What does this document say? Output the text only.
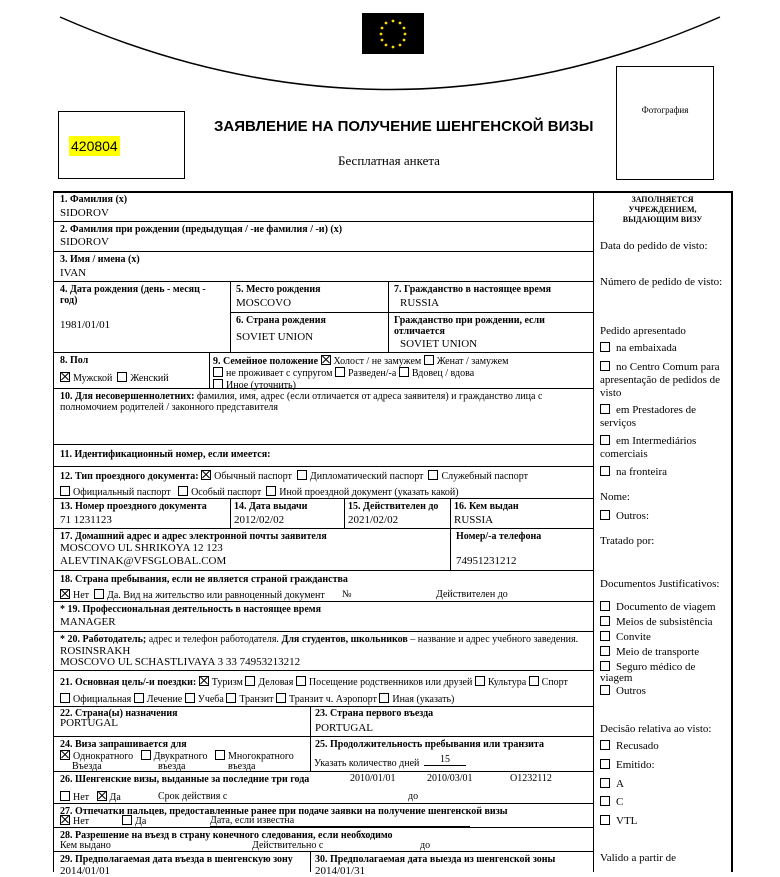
Фотография
420804
ЗАЯВЛЕНИЕ НА ПОЛУЧЕНИЕ ШЕНГЕНСКОЙ ВИЗЫ
Бесплатная анкета
1. Фамилия (x)
SIDOROV
2. Фамилия при рождении (предыдущая / -ие фамилия / -и) (x)
SIDOROV
3. Имя / имена (x)
IVAN
4. Дата рождения (день - месяц - год)
1981/01/01
5. Место рождения
MOSCOVO
6. Страна рождения
SOVIET UNION
7. Гражданство в настоящее время
RUSSIA
Гражданство при рождении, если отличается
SOVIET UNION
8. Пол
Мужской Женский
9. Семейное положение Холост / не замужем Женат / замужем
не проживает с супругом Разведен/-а Вдовец / вдова
Иное (уточнить)
10. Для несовершеннолетних: фамилия, имя, адрес (если отличается от адреса заявителя) и гражданство лица с полномочием родителей / законного представителя
11. Идентификационный номер, если имеется:
12. Тип проездного документа: Обычный паспорт Дипломатический паспорт Служебный паспорт
Официальный паспорт Особый паспорт Иной проездной документ (указать какой)
13. Номер проездного документа
71 1231123
14. Дата выдачи
2012/02/02
15. Действителен до
2021/02/02
16. Кем выдан
RUSSIA
17. Домашний адрес и адрес электронной почты заявителя
MOSCOVO UL SHRIKOYA 12 123
ALEVTINAK@VFSGLOBAL.COM
Номер/-а телефона
74951231212
18. Страна пребывания, если не является страной гражданства
Нет Да. Вид на жительство или равноценный документ	№	Действителен до
* 19. Профессиональная деятельность в настоящее время
MANAGER
* 20. Работодатель; адрес и телефон работодателя. Для студентов, школьников – название и адрес учебного заведения.
ROSINSRAKH
MOSCOVO UL SCHASTLIVAYA 3 33 74953213212
21. Основная цель/-и поездки: Туризм Деловая Посещение родственников или друзей Культура Спорт
Официальная Лечение Учеба Транзит Транзит ч. Аэропорт Иная (указать)
22. Страна(ы) назначения
PORTUGAL
23. Страна первого въезда
PORTUGAL
24. Виза запрашивается для
Однократного Двукратного Многократного
Въезда	въезда	въезда
25. Продолжительность пребывания или транзита
Указать количество дней	15
26. Шенгенские визы, выданные за последние три года	2010/01/01	2010/03/01	O1232112
Нет Да	Срок действия с	до
27. Отпечатки пальцев, предоставленные ранее при подаче заявки на получение шенгенской визы
Нет	Да	Дата, если известна
28. Разрешение на въезд в страну конечного следования, если необходимо
Кем выдано	Действительно с	до
29. Предполагаемая дата въезда в шенгенскую зону
2014/01/01
30. Предполагаемая дата выезда из шенгенской зоны
2014/01/31
ЗАПОЛНЯЕТСЯ УЧРЕЖДЕНИЕМ, ВЫДАЮЩИМ ВИЗУ
Data do pedido de visto:
Número de pedido de visto:
Pedido apresentado
na embaixada
no Centro Comum para apresentação de pedidos de visto
em Prestadores de serviços
em Intermediários comerciais
na fronteira
Nome:
Outros:
Tratado por:
Documentos Justificativos:
Documento de viagem
Meios de subsistência
Convite
Meio de transporte
Seguro médico de viagem
Outros
Decisão relativa ao visto:
Recusado
Emitido:
A
C
VTL
Valido a partir de
